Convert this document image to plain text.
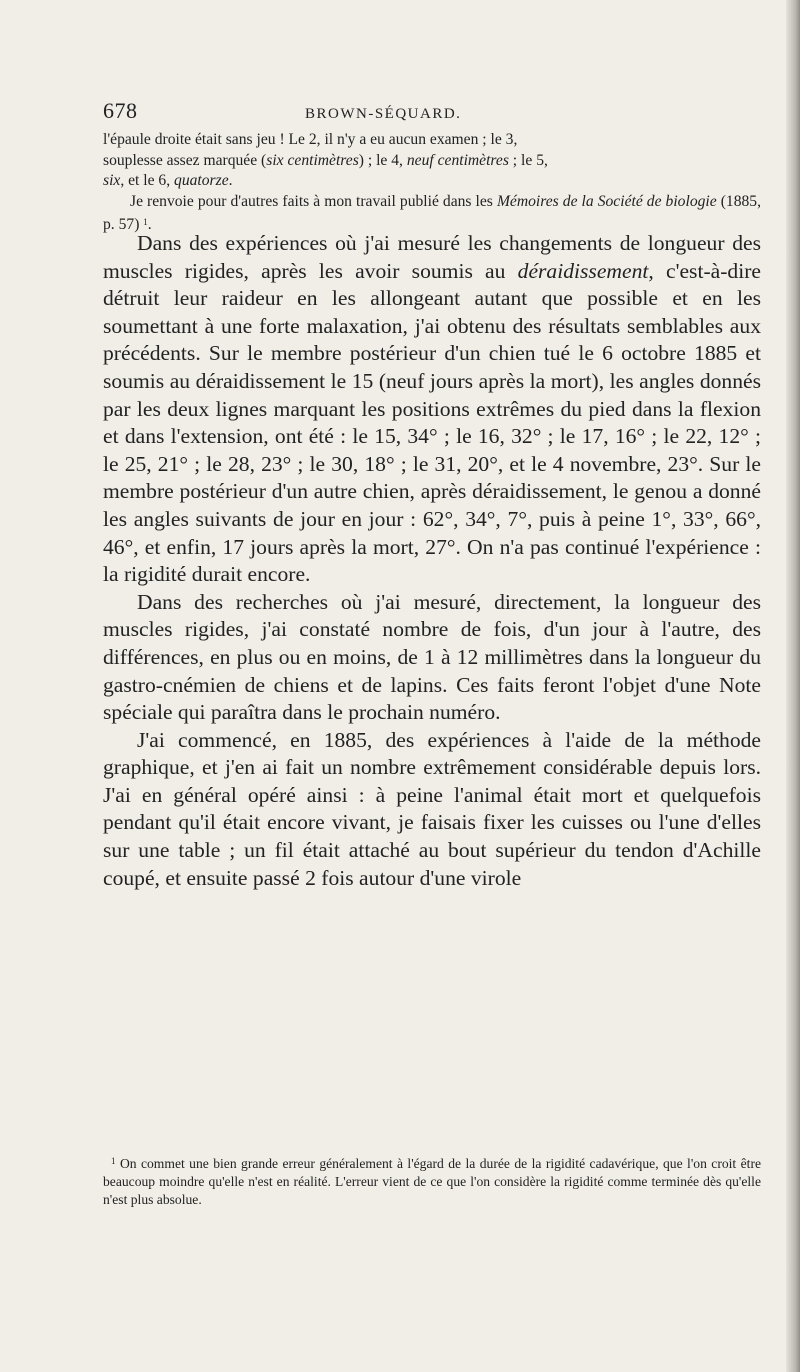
678	BROWN-SÉQUARD.

l'épaule droite était sans jeu ! Le 2, il n'y a eu aucun examen ; le 3,

souplesse assez marquée (six centimètres) ; le 4, neuf centimètres ; le 5,

six, et le 6, quatorze.

Je renvoie pour d'autres faits à mon travail publié dans les Mémoires de la Société de biologie (1885, p. 57) $^1$.

Dans des expériences où j'ai mesuré les changements de longueur des muscles rigides, après les avoir soumis au déraidissement, c'est-à-dire détruit leur raideur en les allongeant autant que possible et en les soumettant à une forte malaxation, j'ai obtenu des résultats semblables aux précédents. Sur le membre postérieur d'un chien tué le 6 octobre 1885 et soumis au déraidissement le 15 (neuf jours après la mort), les angles donnés par les deux lignes marquant les positions extrêmes du pied dans la flexion et dans l'extension, ont été : le 15, 34° ; le 16, 32° ; le 17, 16° ; le 22, 12° ; le 25, 21° ; le 28, 23° ; le 30, 18° ; le 31, 20°, et le 4 novembre, 23°. Sur le membre postérieur d'un autre chien, après déraidissement, le genou a donné les angles suivants de jour en jour : 62°, 34°, 7°, puis à peine 1°, 33°, 66°, 46°, et enfin, 17 jours après la mort, 27°. On n'a pas continué l'expérience : la rigidité durait encore.

Dans des recherches où j'ai mesuré, directement, la longueur des muscles rigides, j'ai constaté nombre de fois, d'un jour à l'autre, des différences, en plus ou en moins, de 1 à 12 millimètres dans la longueur du gastro-cnémien de chiens et de lapins. Ces faits feront l'objet d'une Note spéciale qui paraîtra dans le prochain numéro.

J'ai commencé, en 1885, des expériences à l'aide de la méthode graphique, et j'en ai fait un nombre extrêmement considérable depuis lors. J'ai en général opéré ainsi : à peine l'animal était mort et quelquefois pendant qu'il était encore vivant, je faisais fixer les cuisses ou l'une d'elles sur une table ; un fil était attaché au bout supérieur du tendon d'Achille coupé, et ensuite passé 2 fois autour d'une virole

$^1$ On commet une bien grande erreur généralement à l'égard de la durée de la rigidité cadavérique, que l'on croit être beaucoup moindre qu'elle n'est en réalité. L'erreur vient de ce que l'on considère la rigidité comme terminée dès qu'elle n'est plus absolue.
